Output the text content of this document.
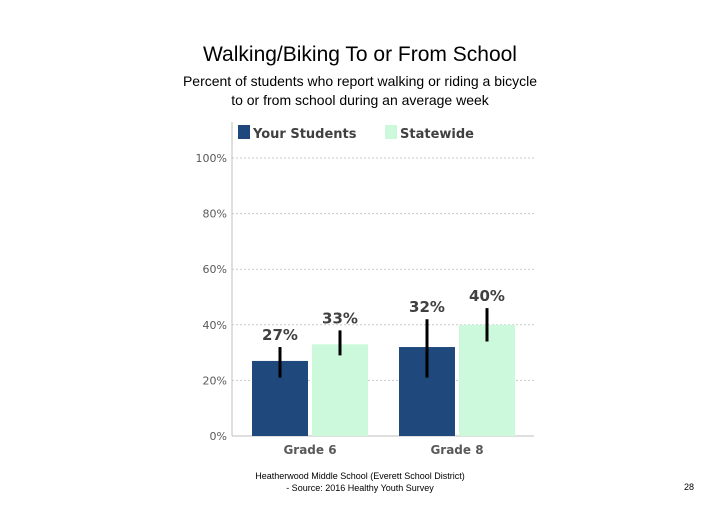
Walking/Biking To or From School
Percent of students who report walking or riding a bicycle
to or from school during an average week
0%
20%
40%
60%
80%
100%
Your Students	Statewide
27%
33%
Grade 6
32%
40%
Grade 8
Heatherwood Middle School (Everett School District)
- Source: 2016 Healthy Youth Survey	28
